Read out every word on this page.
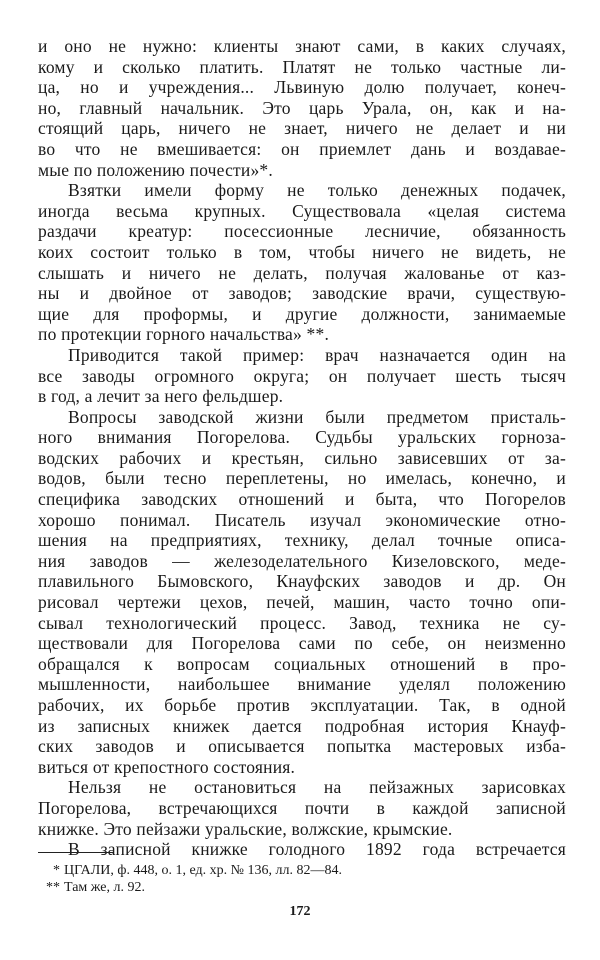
и оно не нужно: клиенты знают сами, в каких случаях,
кому и сколько платить. Платят не только частные ли-
ца, но и учреждения... Львиную долю получает, конеч-
но, главный начальник. Это царь Урала, он, как и на-
стоящий царь, ничего не знает, ничего не делает и ни
во что не вмешивается: он приемлет дань и воздавае-
мые по положению почести»*.
Взятки имели форму не только денежных подачек,
иногда весьма крупных. Существовала «целая система
раздачи креатур: посессионные лесничие, обязанность
коих состоит только в том, чтобы ничего не видеть, не
слышать и ничего не делать, получая жалованье от каз-
ны и двойное от заводов; заводские врачи, существую-
щие для проформы, и другие должности, занимаемые
по протекции горного начальства» **.
Приводится такой пример: врач назначается один на
все заводы огромного округа; он получает шесть тысяч
в год, а лечит за него фельдшер.
Вопросы заводской жизни были предметом присталь-
ного внимания Погорелова. Судьбы уральских горноза-
водских рабочих и крестьян, сильно зависевших от за-
водов, были тесно переплетены, но имелась, конечно, и
специфика заводских отношений и быта, что Погорелов
хорошо понимал. Писатель изучал экономические отно-
шения на предприятиях, технику, делал точные описа-
ния заводов — железоделательного Кизеловского, меде-
плавильного Бымовского, Кнауфских заводов и др. Он
рисовал чертежи цехов, печей, машин, часто точно опи-
сывал технологический процесс. Завод, техника не су-
ществовали для Погорелова сами по себе, он неизменно
обращался к вопросам социальных отношений в про-
мышленности, наибольшее внимание уделял положению
рабочих, их борьбе против эксплуатации. Так, в одной
из записных книжек дается подробная история Кнауф-
ских заводов и описывается попытка мастеровых изба-
виться от крепостного состояния.
Нельзя не остановиться на пейзажных зарисовках
Погорелова, встречающихся почти в каждой записной
книжке. Это пейзажи уральские, волжские, крымские.
В записной книжке голодного 1892 года встречается
* ЦГАЛИ, ф. 448, о. 1, ед. хр. № 136, лл. 82—84.
** Там же, л. 92.
172
